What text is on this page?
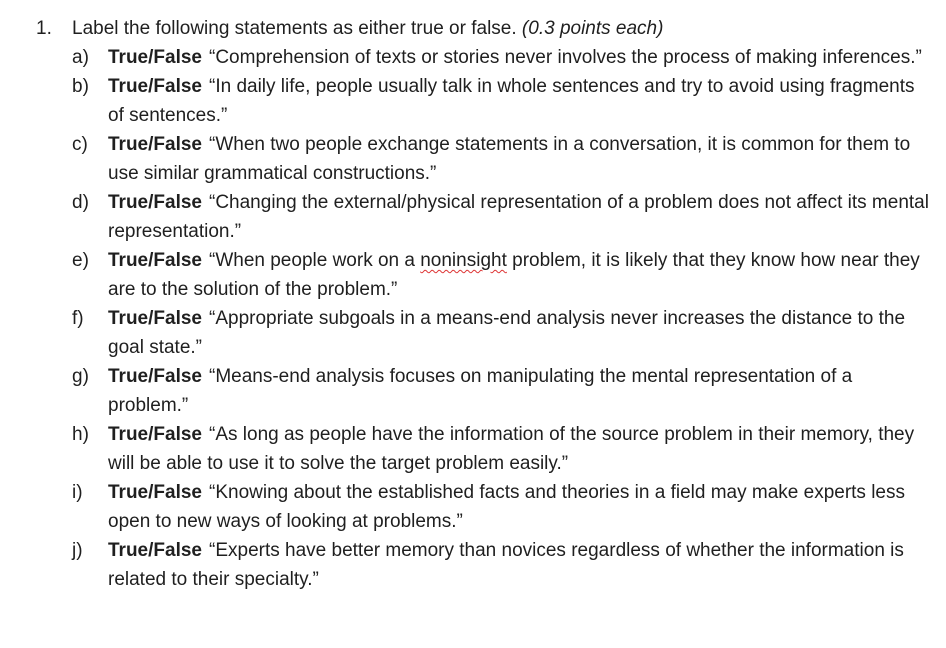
1. Label the following statements as either true or false. (0.3 points each)
a) True/False “Comprehension of texts or stories never involves the process of making inferences.”
b) True/False “In daily life, people usually talk in whole sentences and try to avoid using fragments of sentences.”
c) True/False “When two people exchange statements in a conversation, it is common for them to use similar grammatical constructions.”
d) True/False “Changing the external/physical representation of a problem does not affect its mental representation.”
e) True/False “When people work on a noninsight problem, it is likely that they know how near they are to the solution of the problem.”
f) True/False “Appropriate subgoals in a means-end analysis never increases the distance to the goal state.”
g) True/False “Means-end analysis focuses on manipulating the mental representation of a problem.”
h) True/False “As long as people have the information of the source problem in their memory, they will be able to use it to solve the target problem easily.”
i) True/False “Knowing about the established facts and theories in a field may make experts less open to new ways of looking at problems.”
j) True/False “Experts have better memory than novices regardless of whether the information is related to their specialty.”
